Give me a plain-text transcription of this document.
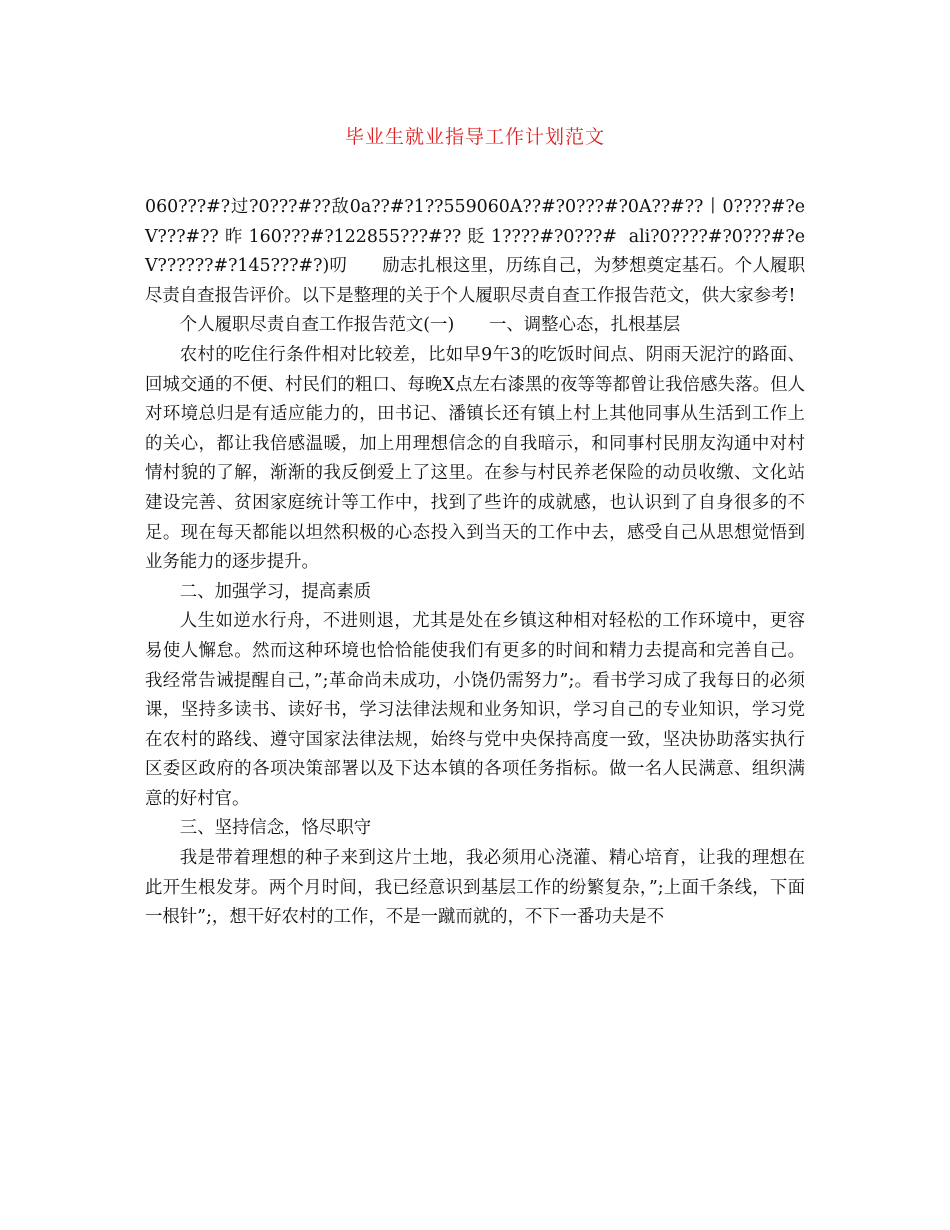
毕业生就业指导工作计划范文

060???#?过?0???#??敌0a??#?1??559060A??#?0???#?0A??#??丨0????#?eV???#??昨160???#?122855???#??貶1????#?0???# ali?0????#?0???#?eV??????#?145???#?)叨　　励志扎根这里，历练自己，为梦想奠定基石。个人履职尽责自查报告评价。以下是整理的关于个人履职尽责自查工作报告范文，供大家参考!

个人履职尽责自查工作报告范文(一)　　一、调整心态，扎根基层

农村的吃住行条件相对比较差，比如早9午3的吃饭时间点、阴雨天泥泞的路面、回城交通的不便、村民们的粗口、每晚X点左右漆黑的夜等等都曾让我倍感失落。但人对环境总归是有适应能力的，田书记、潘镇长还有镇上村上其他同事从生活到工作上的关心，都让我倍感温暖，加上用理想信念的自我暗示，和同事村民朋友沟通中对村情村貌的了解，渐渐的我反倒爱上了这里。在参与村民养老保险的动员收缴、文化站建设完善、贫困家庭统计等工作中，找到了些许的成就感，也认识到了自身很多的不足。现在每天都能以坦然积极的心态投入到当天的工作中去，感受自己从思想觉悟到业务能力的逐步提升。

二、加强学习，提高素质

人生如逆水行舟，不进则退，尤其是处在乡镇这种相对轻松的工作环境中，更容易使人懈怠。然而这种环境也恰恰能使我们有更多的时间和精力去提高和完善自己。我经常告诫提醒自己，”;革命尚未成功，小饶仍需努力”;。看书学习成了我每日的必须课，坚持多读书、读好书，学习法律法规和业务知识，学习自己的专业知识，学习党在农村的路线、遵守国家法律法规，始终与党中央保持高度一致，坚决协助落实执行区委区政府的各项决策部署以及下达本镇的各项任务指标。做一名人民满意、组织满意的好村官。

三、坚持信念，恪尽职守

我是带着理想的种子来到这片土地，我必须用心浇灌、精心培育，让我的理想在此开生根发芽。两个月时间，我已经意识到基层工作的纷繁复杂，”;上面千条线，下面一根针”;，想干好农村的工作，不是一蹴而就的，不下一番功夫是不
